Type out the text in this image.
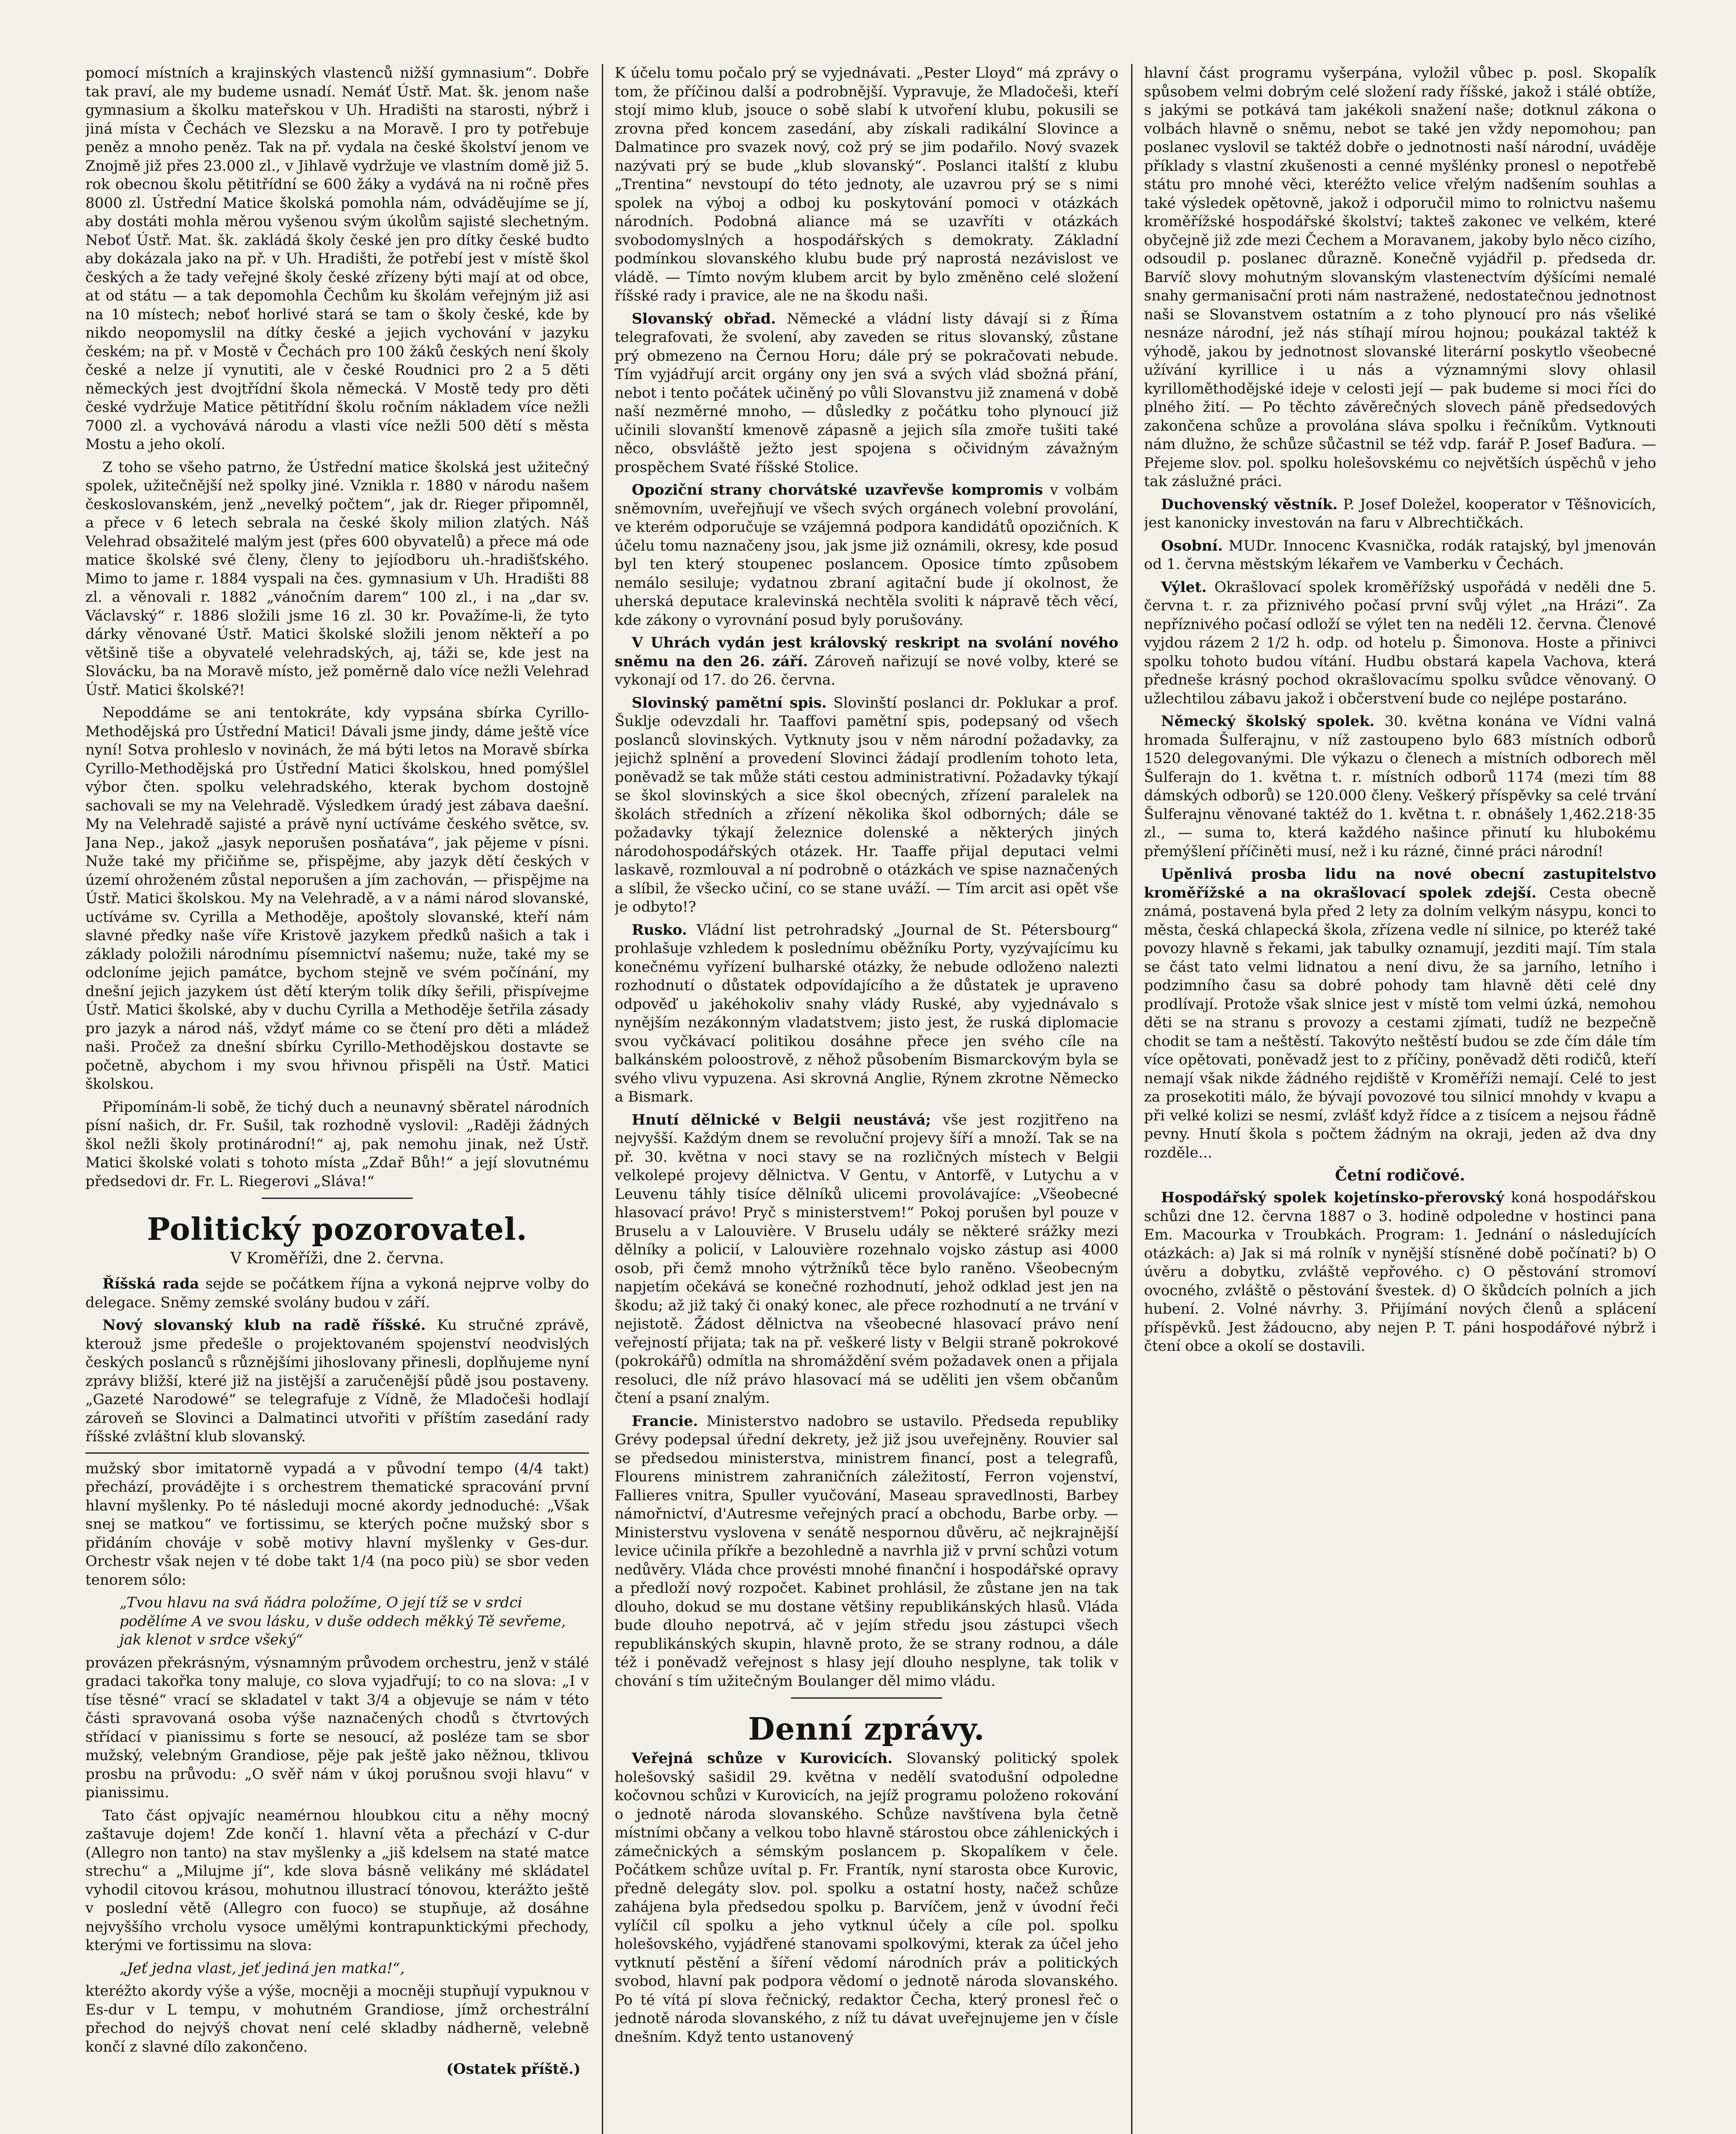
pomocí místních a krajinských vlastenců nižší gymnasium“. Dobře tak praví, ale my budeme usnadí. Nemáť Ústř. Mat. šk. jenom naše gymnasium a školku mateřskou v Uh. Hradišti na starosti, nýbrž i jiná místa v Čechách ve Slezsku a na Moravě. I pro ty potřebuje peněz a mnoho peněz. Tak na př. vydala na české školství jenom ve Znojmě již přes 23.000 zl., v Jihlavě vydržuje ve vlastním domě již 5. rok obecnou školu pětitřídní se 600 žáky a vydává na ni ročně přes 8000 zl. Ústřední Matice školská pomohla nám, odváděujíme se jí, aby dostáti mohla měrou vyšenou svým úkolům sajisté slechetným. Neboť Ústř. Mat. šk. zakládá školy české jen pro dítky české budto aby dokázala jako na př. v Uh. Hradišti, že potřebí jest v místě škol českých a že tady veřejné školy české zřízeny býti mají at od obce, at od státu — a tak depomohla Čechům ku školám veřejným již asi na 10 místech; neboť horlivé stará se tam o školy české, kde by nikdo neopomyslil na dítky české a jejich vychování v jazyku českém; na př. v Mostě v Čechách pro 100 žáků českých není školy české a nelze jí vynutiti, ale v české Roudnici pro 2 a 5 děti německých jest dvojtřídní škola německá. V Mostě tedy pro děti české vydržuje Matice pětitřídní školu ročním nákladem více nežli 7000 zl. a vychovává národu a vlasti více nežli 500 dětí s města Mostu a jeho okolí.

Z toho se všeho patrno, že Ústřední matice školská jest užitečný spolek, užitečnější než spolky jiné. Vznikla r. 1880 v národu našem českoslovanském, jenž „nevelký počtem“, jak dr. Rieger připomněl, a přece v 6 letech sebrala na české školy milion zlatých. Náš Velehrad obsažitelé malým jest (přes 600 obyvatelů) a přece má ode matice školské své členy, členy to jejíodboru uh.-hradišťského. Mimo to jame r. 1884 vyspali na čes. gymnasium v Uh. Hradišti 88 zl. a věnovali r. 1882 „vánočním darem“ 100 zl., i na „dar sv. Václavský“ r. 1886 složili jsme 16 zl. 30 kr. Považíme-li, že tyto dárky věnované Ústř. Matici školské složili jenom někteří a po většině tiše a obyvatelé velehradských, aj, táži se, kde jest na Slovácku, ba na Moravě místo, jež poměrně dalo více nežli Velehrad Ústř. Matici školské?!

Nepoddáme se ani tentokráte, kdy vypsána sbírka Cyrillo-Methodějská pro Ústřední Matici! Dávali jsme jindy, dáme ještě více nyní! Sotva prohleslo v novinách, že má býti letos na Moravě sbírka Cyrillo-Methodějská pro Ústřední Matici školskou, hned pomýšlel výbor čten. spolku velehradského, kterak bychom dostojně sachovali se my na Velehradě. Výsledkem úradý jest zábava daešní. My na Velehradě sajisté a právě nyní uctíváme českého světce, sv. Jana Nep., jakož „jasyk neporušen posňatáva“, jak pějeme v písni. Nuže také my přičiňme se, přispějme, aby jazyk dětí českých v území ohroženém zůstal neporušen a jím zachován, — přispějme na Ústř. Matici školskou. My na Velehradě, a v a námi národ slovanské, uctíváme sv. Cyrilla a Methoděje, apoštoly slovanské, kteří nám slavné předky naše víře Kristově jazykem předků našich a tak i základy položili národnímu písemnictví našemu; nuže, také my se odcloníme jejich památce, bychom stejně ve svém počínání, my dnešní jejich jazykem úst dětí kterým tolik díky šeřili, přispívejme Ústř. Matici školské, aby v duchu Cyrilla a Methoděje šetřila zásady pro jazyk a národ náš, vždyť máme co se čtení pro děti a mládež naši. Pročež za dnešní sbírku Cyrillo-Methodějskou dostavte se početně, abychom i my svou hřivnou přispěli na Ústř. Matici školskou.

Připomínám-li sobě, že tichý duch a neunavný sběratel národních písní našich, dr. Fr. Sušil, tak rozhodně vyslovil: „Raději žádných škol nežli školy protinárodní!“ aj, pak nemohu jinak, než Ústř. Matici školské volati s tohoto místa „Zdař Bůh!“ a její slovutnému předsedovi dr. Fr. L. Riegerovi „Sláva!“

Politický pozorovatel.
V Kroměříži, dne 2. června.

Říšská rada sejde se počátkem října a vykoná nejprve volby do delegace. Sněmy zemské svolány budou v září.

Nový slovanský klub na radě říšské. Ku stručné zprávě, kterouž jsme předešle o projektovaném spojenství neodvislých českých poslanců s různějšími jihoslovany přinesli, doplňujeme nyní zprávy bližší, které již na jistější a zaručenější půdě jsou postaveny. „Gazeté Narodowé“ se telegrafuje z Vídně, že Mladočeši hodlají zároveň se Slovinci a Dalmatinci utvořiti v příštím zasedání rady říšské zvláštní klub slovanský.

mužský sbor imitatorně vypadá a v původní tempo (4/4 takt) přechází, provádějte i s orchestrem thematické spracování první hlavní myšlenky. Po té následuji mocné akordy jednoduché: „Však snej se matkou“ ve fortissimu, se kterých počne mužský sbor s přidáním chováje v sobě motivy hlavní myšlenky v Ges-dur. Orchestr však nejen v té dobe takt 1/4 (na poco più) se sbor veden tenorem sólo:

„Tvou hlavu na svá ňádra položíme, O její tíž se v srdci podělíme A ve svou lásku, v duše oddech měkký Tě sevřeme, jak klenot v srdce všeký“

provázen překrásným, výsnamným průvodem orchestru, jenž v stálé gradaci takořka tony maluje, co slova vyjadřují; to co na slova: „I v tíse těsné“ vrací se skladatel v takt 3/4 a objevuje se nám v této části spravovaná osoba výše naznačených chodů s čtvrtových střídací v pianissimu s forte se nesoucí, až posléze tam se sbor mužský, velebným Grandiose, pěje pak ještě jako něžnou, tklivou prosbu na průvodu: „O svěř nám v úkoj porušnou svoji hlavu“ v pianissimu.

Tato část opjvajíc neamérnou hloubkou citu a něhy mocný zaštavuje dojem! Zde končí 1. hlavní věta a přechází v C-dur (Allegro non tanto) na stav myšlenky a „jiš kdelsem na staté matce strechu“ a „Milujme jí“, kde slova básně velikány mé skládatel vyhodil citovou krásou, mohutnou illustrací tónovou, kterážto ještě v poslední větě (Allegro con fuoco) se stupňuje, až dosáhne nejvyššího vrcholu vysoce umělými kontrapunktickými přechody, kterými ve fortissimu na slova:

„Jeť jedna vlast, jeť jediná jen matka!“,

kteréžto akordy výše a výše, mocněji a mocněji stupňují vypuknou v Es-dur v L tempu, v mohutném Grandiose, jímž orchestrální přechod do nejvýš chovat není celé skladby nádherně, velebně končí z slavné dílo zakončeno.

(Ostatek příště.)

K účelu tomu počalo prý se vyjednávati. „Pester Lloyd“ má zprávy o tom, že příčinou další a podrobnější. Vypravuje, že Mladočeši, kteří stojí mimo klub, jsouce o sobě slabí k utvoření klubu, pokusili se zrovna před koncem zasedání, aby získali radikální Slovince a Dalmatince pro svazek nový, což prý se jim podařilo. Nový svazek nazývati prý se bude „klub slovanský“. Poslanci italští z klubu „Trentina“ nevstoupí do této jednoty, ale uzavrou prý se s nimi spolek na výboj a odboj ku poskytování pomoci v otázkách národních. Podobná aliance má se uzavříti v otázkách svobodomyslných a hospodářských s demokraty. Základní podmínkou slovanského klubu bude prý naprostá nezávislost ve vládě. — Tímto novým klubem arcit by bylo změněno celé složení říšské rady i pravice, ale ne na škodu naši.

Slovanský obřad. Německé a vládní listy dávají si z Říma telegrafovati, že svolení, aby zaveden se ritus slovanský, zůstane prý obmezeno na Černou Horu; dále prý se pokračovati nebude. Tím vyjádřují arcit orgány ony jen svá a svých vlád sbožná přání, nebot i tento počátek učiněný po vůli Slovanstvu již znamená v době naší nezměrné mnoho, — důsledky z počátku toho plynoucí již učinili slovanští kmenově zápasně a jejich síla zmoře tušiti také něco, obsvláště ježto jest spojena s očividným závažným prospěchem Svaté říšské Stolice.

Opoziční strany chorvátské uzavřevše kompromis v volbám sněmovním, uveřejňují ve všech svých orgánech volební provolání, ve kterém odporučuje se vzájemná podpora kandidátů opozičních. K účelu tomu naznačeny jsou, jak jsme již oznámili, okresy, kde posud byl ten který stoupenec poslancem. Oposice tímto způsobem nemálo sesiluje; vydatnou zbraní agitační bude jí okolnost, že uherská deputace kralevinská nechtěla svoliti k nápravě těch věcí, kde zákony o vyrovnání posud byly porušovány.

V Uhrách vydán jest královský reskript na svolání nového sněmu na den 26. září. Zároveň nařizují se nové volby, které se vykonají od 17. do 26. června.

Slovinský pamětní spis. Slovinští poslanci dr. Poklukar a prof. Šuklje odevzdali hr. Taaffovi pamětní spis, podepsaný od všech poslanců slovinských. Vytknuty jsou v něm národní požadavky, za jejichž splnění a provedení Slovinci žádají prodlením tohoto leta, poněvadž se tak může státi cestou administrativní. Požadavky týkají se škol slovinských a sice škol obecných, zřízení paralelek na školách středních a zřízení několika škol odborných; dále se požadavky týkají železnice dolenské a některých jiných národohospodářských otázek. Hr. Taaffe přijal deputaci velmi laskavě, rozmlouval a ní podrobně o otázkách ve spise naznačených a slíbil, že všecko učiní, co se stane uváží. — Tím arcit asi opět vše je odbyto!?

Rusko. Vládní list petrohradský „Journal de St. Pétersbourg“ prohlašuje vzhledem k poslednímu oběžníku Porty, vyzývajícímu ku konečnému vyřízení bulharské otázky, že nebude odloženo nalezti rozhodnutí o důstatek odpovídajícího a že důstatek je upraveno odpověď u jakéhokoliv snahy vlády Ruské, aby vyjednávalo s nynějším nezákonným vladatstvem; jisto jest, že ruská diplomacie svou vyčkávací politikou dosáhne přece jen svého cíle na balkánském poloostrově, z něhož působením Bismarckovým byla se svého vlivu vypuzena. Asi skrovná Anglie, Rýnem zkrotne Německo a Bismark.

Hnutí dělnické v Belgii neustává; vše jest rozjitřeno na nejvyšší. Každým dnem se revoluční projevy šíří a množí. Tak se na př. 30. května v noci stavy se na rozličných místech v Belgii velkolepé projevy dělnictva. V Gentu, v Antorfě, v Lutychu a v Leuvenu táhly tisíce dělníků ulicemi provolávajíce: „Všeobecné hlasovací právo! Pryč s ministerstvem!“ Pokoj porušen byl pouze v Bruselu a v Lalouvière. V Bruselu udály se některé srážky mezi dělníky a policií, v Lalouvière rozehnalo vojsko zástup asi 4000 osob, při čemž mnoho výtržníků těce bylo raněno. Všeobecným napjetím očekává se konečné rozhodnutí, jehož odklad jest jen na škodu; až již taký či onaký konec, ale přece rozhodnutí a ne trvání v nejistotě. Žádost dělnictva na všeobecné hlasovací právo není veřejností přijata; tak na př. veškeré listy v Belgii straně pokrokové (pokrokářů) odmítla na shromáždění svém požadavek onen a přijala resoluci, dle níž právo hlasovací má se uděliti jen všem občanům čtení a psaní znalým.

Francie. Ministerstvo nadobro se ustavilo. Předseda republiky Grévy podepsal úřední dekrety, jež již jsou uveřejněny. Rouvier sal se předsedou ministerstva, ministrem financí, post a telegrafů, Flourens ministrem zahraničních záležitostí, Ferron vojenství, Fallieres vnitra, Spuller vyučování, Maseau spravedlnosti, Barbey námořnictví, d'Autresme veřejných prací a obchodu, Barbe orby. — Ministerstvu vyslovena v senátě nespornou důvěru, ač nejkrajnější levice učinila příkře a bezohledně a navrhla již v první schůzi votum nedůvěry. Vláda chce provésti mnohé finanční i hospodářské opravy a předloží nový rozpočet. Kabinet prohlásil, že zůstane jen na tak dlouho, dokud se mu dostane většiny republikánských hlasů. Vláda bude dlouho nepotrvá, ač v jejím středu jsou zástupci všech republikánských skupin, hlavně proto, že se strany rodnou, a dále též i poněvadž veřejnost s hlasy její dlouho nesplyne, tak tolik v chování s tím užitečným Boulanger děl mimo vládu.

Denní zprávy.

Veřejná schůze v Kurovicích. Slovanský politický spolek holešovský sašidil 29. května v nedělí svatodušní odpoledne kočovnou schůzi v Kurovicích, na jejíž programu položeno rokování o jednotě národa slovanského. Schůze navštívena byla četně místními občany a velkou tobo hlavně stárostou obce záhlenických i zámečnických a sémským poslancem p. Skopalíkem v čele. Počátkem schůze uvítal p. Fr. Frantík, nyní starosta obce Kurovic, předně delegáty slov. pol. spolku a ostatní hosty, načež schůze zahájena byla předsedou spolku p. Barvíčem, jenž v úvodní řeči vylíčil cíl spolku a jeho vytknul účely a cíle pol. spolku holešovského, vyjádřené stanovami spolkovými, kterak za účel jeho vytknutí pěstění a šíření vědomí národních práv a politických svobod, hlavní pak podpora vědomí o jednotě národa slovanského. Po té vítá pí slova řečnický, redaktor Čecha, který pronesl řeč o jednotě národa slovanského, z níž tu dávat uveřejnujeme jen v čísle dnešním. Když tento ustanovený

hlavní část programu vyšerpána, vyložil vůbec p. posl. Skopalík spůsobem velmi dobrým celé složení rady říšské, jakož i stálé obtíže, s jakými se potkává tam jakékoli snažení naše; dotknul zákona o volbách hlavně o sněmu, nebot se také jen vždy nepomohou; pan poslanec vyslovil se taktéž dobře o jednotnosti naší národní, uváděje příklady s vlastní zkušenosti a cenné myšlénky pronesl o nepotřebě státu pro mnohé věci, kteréžto velice vřelým nadšením souhlas a také výsledek opětovně, jakož i odporučil mimo to rolnictvu našemu kroměřížské hospodářské školství; takteš zakonec ve velkém, které obyčejně již zde mezi Čechem a Moravanem, jakoby bylo něco cizího, odsoudil p. poslanec důrazně. Konečně vyjádřil p. předseda dr. Barvíč slovy mohutným slovanským vlastenectvím dýšícími nemalé snahy germanisační proti nám nastražené, nedostatečnou jednotnost naši se Slovanstvem ostatním a z toho plynoucí pro nás všeliké nesnáze národní, jež nás stíhají mírou hojnou; poukázal taktéž k výhodě, jakou by jednotnost slovanské literární poskytlo všeobecné užívání kyrillice i u nás a významnými slovy ohlasil kyrilloměthodějské ideje v celosti její — pak budeme si moci říci do plného žití. — Po těchto závěrečných slovech páně předsedových zakončena schůze a provolána sláva spolku i řečníkům. Vytknouti nám dlužno, že schůze sůčastnil se též vdp. farář P. Josef Baďura. — Přejeme slov. pol. spolku holešovskému co největších úspěchů v jeho tak záslužné práci.

Duchovenský věstník. P. Josef Doležel, kooperator v Těšnovicích, jest kanonicky investován na faru v Albrechtičkách.

Osobní. MUDr. Innocenc Kvasnička, rodák ratajský, byl jmenován od 1. června městským lékařem ve Vamberku v Čechách.

Výlet. Okrašlovací spolek kroměřížský uspořádá v neděli dne 5. června t. r. za přiznivého počasí první svůj výlet „na Hrázi“. Za nepříznivého počasí odloží se výlet ten na neděli 12. června. Členové vyjdou rázem 2 1/2 h. odp. od hotelu p. Šimonova. Hoste a přinivci spolku tohoto budou vítání. Hudbu obstará kapela Vachova, která předneše krásný pochod okrašlovacímu spolku svůdce věnovaný. O užlechtilou zábavu jakož i občerstvení bude co nejlépe postaráno.

Německý školský spolek. 30. května konána ve Vídni valná hromada Šulferajnu, v níž zastoupeno bylo 683 místních odborů 1520 delegovanými. Dle výkazu o členech a místních odborech měl Šulferajn do 1. května t. r. místních odborů 1174 (mezi tím 88 dámských odborů) se 120.000 členy. Veškerý příspěvky sa celé trvání Šulferajnu věnované taktéž do 1. května t. r. obnášely 1,462.218·35 zl., — suma to, která každého našince přinutí ku hlubokému přemýšlení příčiněti musí, než i ku rázné, činné práci národní!

Upěnlivá prosba lidu na nové obecní zastupitelstvo kroměřížské a na okrašlovací spolek zdejší. Cesta obecně známá, postavená byla před 2 lety za dolním velkým násypu, konci to města, česká chlapecká škola, zřízena vedle ní silnice, po kteréž také povozy hlavně s řekami, jak tabulky oznamují, jezditi mají. Tím stala se část tato velmi lidnatou a není divu, že sa jarního, letního i podzimního času sa dobré pohody tam hlavně děti celé dny prodlívají. Protože však slnice jest v místě tom velmi úzká, nemohou děti se na stranu s provozy a cestami zjímati, tudíž ne bezpečně chodit se tam a neštěstí. Takovýto neštěstí budou se zde čím dále tím více opětovati, poněvadž jest to z příčiny, poněvadž děti rodičů, kteří nemají však nikde žádného rejdiště v Kroměříži nemají. Celé to jest za prosekotiti málo, že bývají povozové tou silnicí mnohdy v kvapu a při velké kolizi se nesmí, zvlášť když řídce a z tisícem a nejsou řádně pevny. Hnutí škola s počtem žádným na okraji, jeden až dva dny rozděle...

Četní rodičové.

Hospodářský spolek kojetínsko-přerovský koná hospodářskou schůzi dne 12. června 1887 o 3. hodině odpoledne v hostinci pana Em. Macourka v Troubkách. Program: 1. Jednání o následujících otázkách: a) Jak si má rolník v nynější stísněné době počínati? b) O úvěru a dobytku, zvláště vepřového. c) O pěstování stromoví ovocného, zvláště o pěstování švestek. d) O škůdcích polních a jich hubení. 2. Volné návrhy. 3. Přijímání nových členů a splácení příspěvků. Jest žádoucno, aby nejen P. T. páni hospodářové nýbrž i čtení obce a okolí se dostavili.
